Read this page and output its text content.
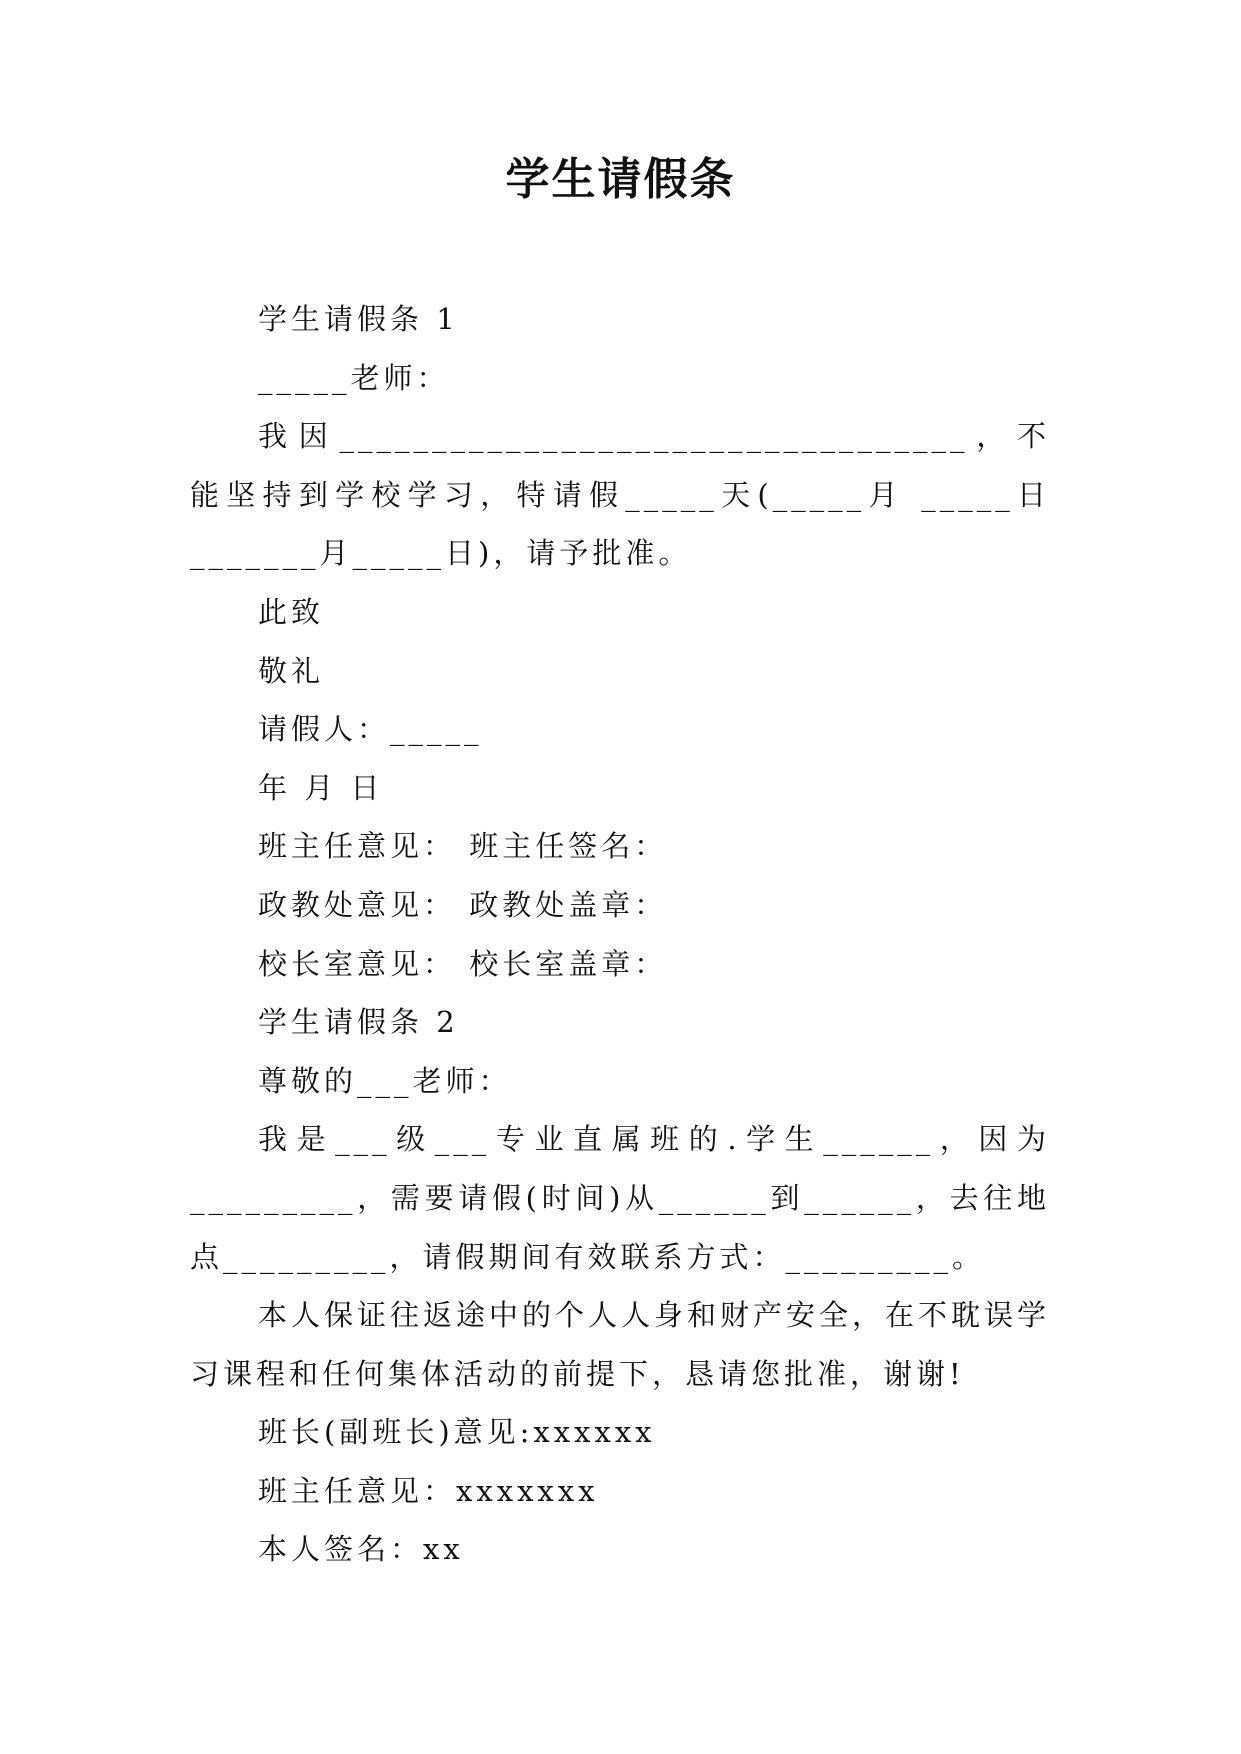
学生请假条

学生请假条 1

_____老师：

我因__________________________________，不能坚持到学校学习，特请假_____天(_____月 _____日_______月_____日)，请予批准。

此致

敬礼

请假人：_____

年 月 日

班主任意见： 班主任签名：

政教处意见： 政教处盖章：

校长室意见： 校长室盖章：

学生请假条 2

尊敬的___老师：

我是___级___专业直属班的.学生______，因为_________，需要请假(时间)从______到______，去往地点_________，请假期间有效联系方式：_________。

本人保证往返途中的个人人身和财产安全，在不耽误学习课程和任何集体活动的前提下，恳请您批准，谢谢!

班长(副班长)意见:xxxxxx

班主任意见：xxxxxxx

本人签名：xx
